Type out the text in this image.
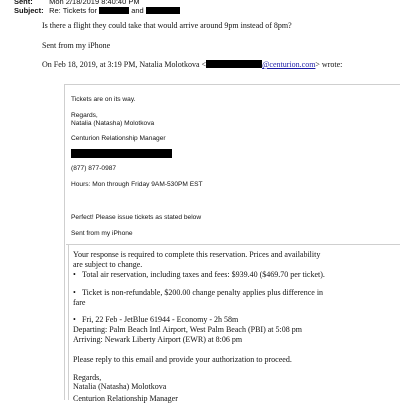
Sent: Mon 2/18/2019 8:40:40 PM
Subject: Re: Tickets for	and
Is there a flight they could take that would arrive around 9pm instead of 8pm?
Sent from my iPhone
On Feb 18, 2019, at 3:19 PM, Natalia Molotkova <	@centurion.com> wrote:
Tickets are on its way.
Regards,
Natalia (Natasha) Molotkova
Centurion Relationship Manager
(877) 877-0987
Hours: Mon through Friday 9AM-530PM EST
Perfect! Please issue tickets as stated below
Sent from my iPhone
Your response is required to complete this reservation. Prices and availability
are subject to change.
• Total air reservation, including taxes and fees: $939.40 ($469.70 per ticket).
• Ticket is non-refundable, $200.00 change penalty applies plus difference in
fare
• Fri, 22 Feb - JetBlue 61944 - Economy - 2h 58m
Departing: Palm Beach Intl Airport, West Palm Beach (PBI) at 5:08 pm
Arriving: Newark Liberty Airport (EWR) at 8:06 pm
Please reply to this email and provide your authorization to proceed.
Regards,
Natalia (Natasha) Molotkova
Centurion Relationship Manager
